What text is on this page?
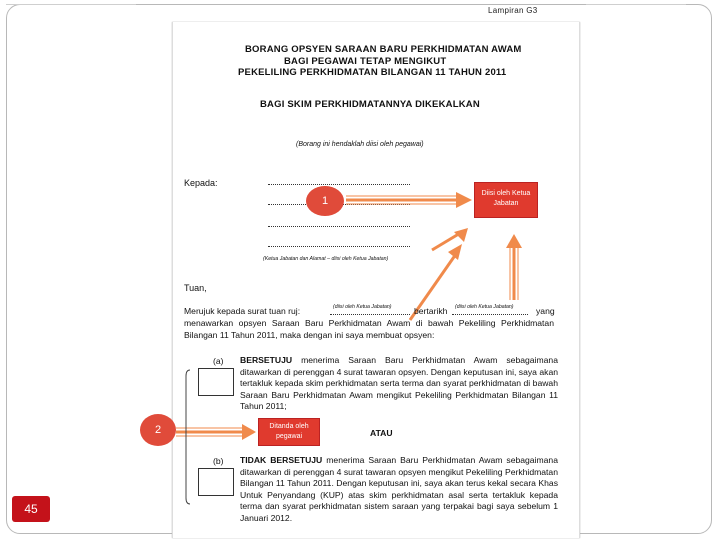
Lampiran G3
BORANG OPSYEN SARAAN BARU PERKHIDMATAN AWAM
BAGI PEGAWAI TETAP MENGIKUT
PEKELILING PERKHIDMATAN BILANGAN 11 TAHUN 2011
BAGI SKIM PERKHIDMATANNYA DIKEKALKAN
(Borang ini hendaklah diisi oleh pegawai)
Kepada:
(Ketua Jabatan dan Alamat – diisi oleh Ketua Jabatan)
Diisi oleh Ketua Jabatan
1
Tuan,
Merujuk kepada surat tuan ruj:	(diisi oleh Ketua Jabatan)	bertarikh (diisi oleh Ketua Jabatan)	yang
menawarkan opsyen Saraan Baru Perkhidmatan Awam di bawah Pekeliling Perkhidmatan Bilangan 11 Tahun 2011, maka dengan ini saya membuat opsyen:
(a) BERSETUJU menerima Saraan Baru Perkhidmatan Awam sebagaimana ditawarkan di perenggan 4 surat tawaran opsyen. Dengan keputusan ini, saya akan tertakluk kepada skim perkhidmatan serta terma dan syarat perkhidmatan di bawah Saraan Baru Perkhidmatan Awam mengikut Pekeliling Perkhidmatan Bilangan 11 Tahun 2011;
2	Ditanda oleh pegawai	ATAU
(b) TIDAK BERSETUJU menerima Saraan Baru Perkhidmatan Awam sebagaimana ditawarkan di perenggan 4 surat tawaran opsyen mengikut Pekeliling Perkhidmatan Bilangan 11 Tahun 2011. Dengan keputusan ini, saya akan terus kekal secara Khas Untuk Penyandang (KUP) atas skim perkhidmatan asal serta tertakluk kepada terma dan syarat perkhidmatan sistem saraan yang terpakai bagi saya sebelum 1 Januari 2012.
45
